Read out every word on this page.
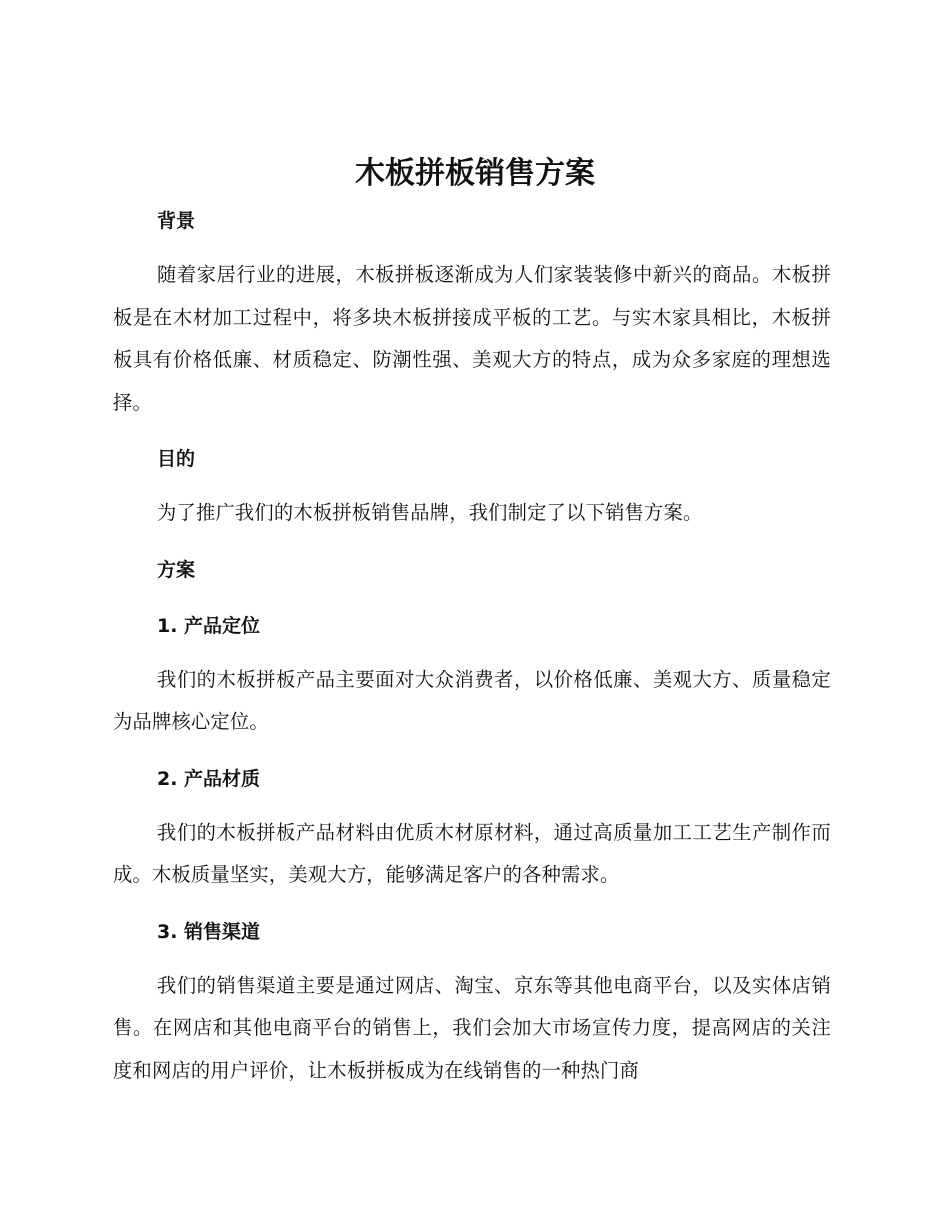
木板拼板销售方案
背景

随着家居行业的进展，木板拼板逐渐成为人们家装装修中新兴的商品。木板拼板是在木材加工过程中，将多块木板拼接成平板的工艺。与实木家具相比，木板拼板具有价格低廉、材质稳定、防潮性强、美观大方的特点，成为众多家庭的理想选择。

目的

为了推广我们的木板拼板销售品牌，我们制定了以下销售方案。

方案
1. 产品定位

我们的木板拼板产品主要面对大众消费者，以价格低廉、美观大方、质量稳定为品牌核心定位。

2. 产品材质

我们的木板拼板产品材料由优质木材原材料，通过高质量加工工艺生产制作而成。木板质量坚实，美观大方，能够满足客户的各种需求。

3. 销售渠道

我们的销售渠道主要是通过网店、淘宝、京东等其他电商平台，以及实体店销售。在网店和其他电商平台的销售上，我们会加大市场宣传力度，提高网店的关注度和网店的用户评价，让木板拼板成为在线销售的一种热门商
